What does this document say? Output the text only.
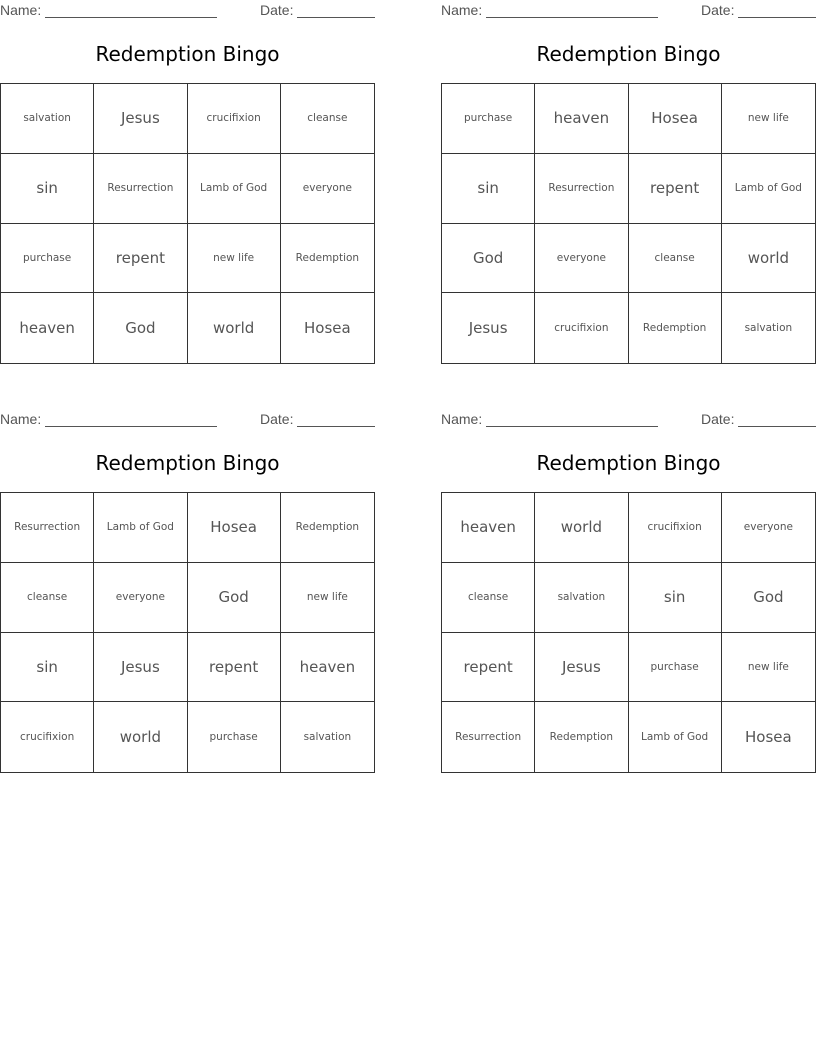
Name:	Date:
Redemption Bingo
salvation	Jesus	crucifixion	cleanse
sin	Resurrection	Lamb of God	everyone
purchase	repent	new life	Redemption
heaven	God	world	Hosea
Name:	Date:
Redemption Bingo
purchase	heaven	Hosea	new life
sin	Resurrection	repent	Lamb of God
God	everyone	cleanse	world
Jesus	crucifixion	Redemption	salvation
Name:	Date:
Redemption Bingo
Resurrection	Lamb of God	Hosea	Redemption
cleanse	everyone	God	new life
sin	Jesus	repent	heaven
crucifixion	world	purchase	salvation
Name:	Date:
Redemption Bingo
heaven	world	crucifixion	everyone
cleanse	salvation	sin	God
repent	Jesus	purchase	new life
Resurrection	Redemption	Lamb of God	Hosea
